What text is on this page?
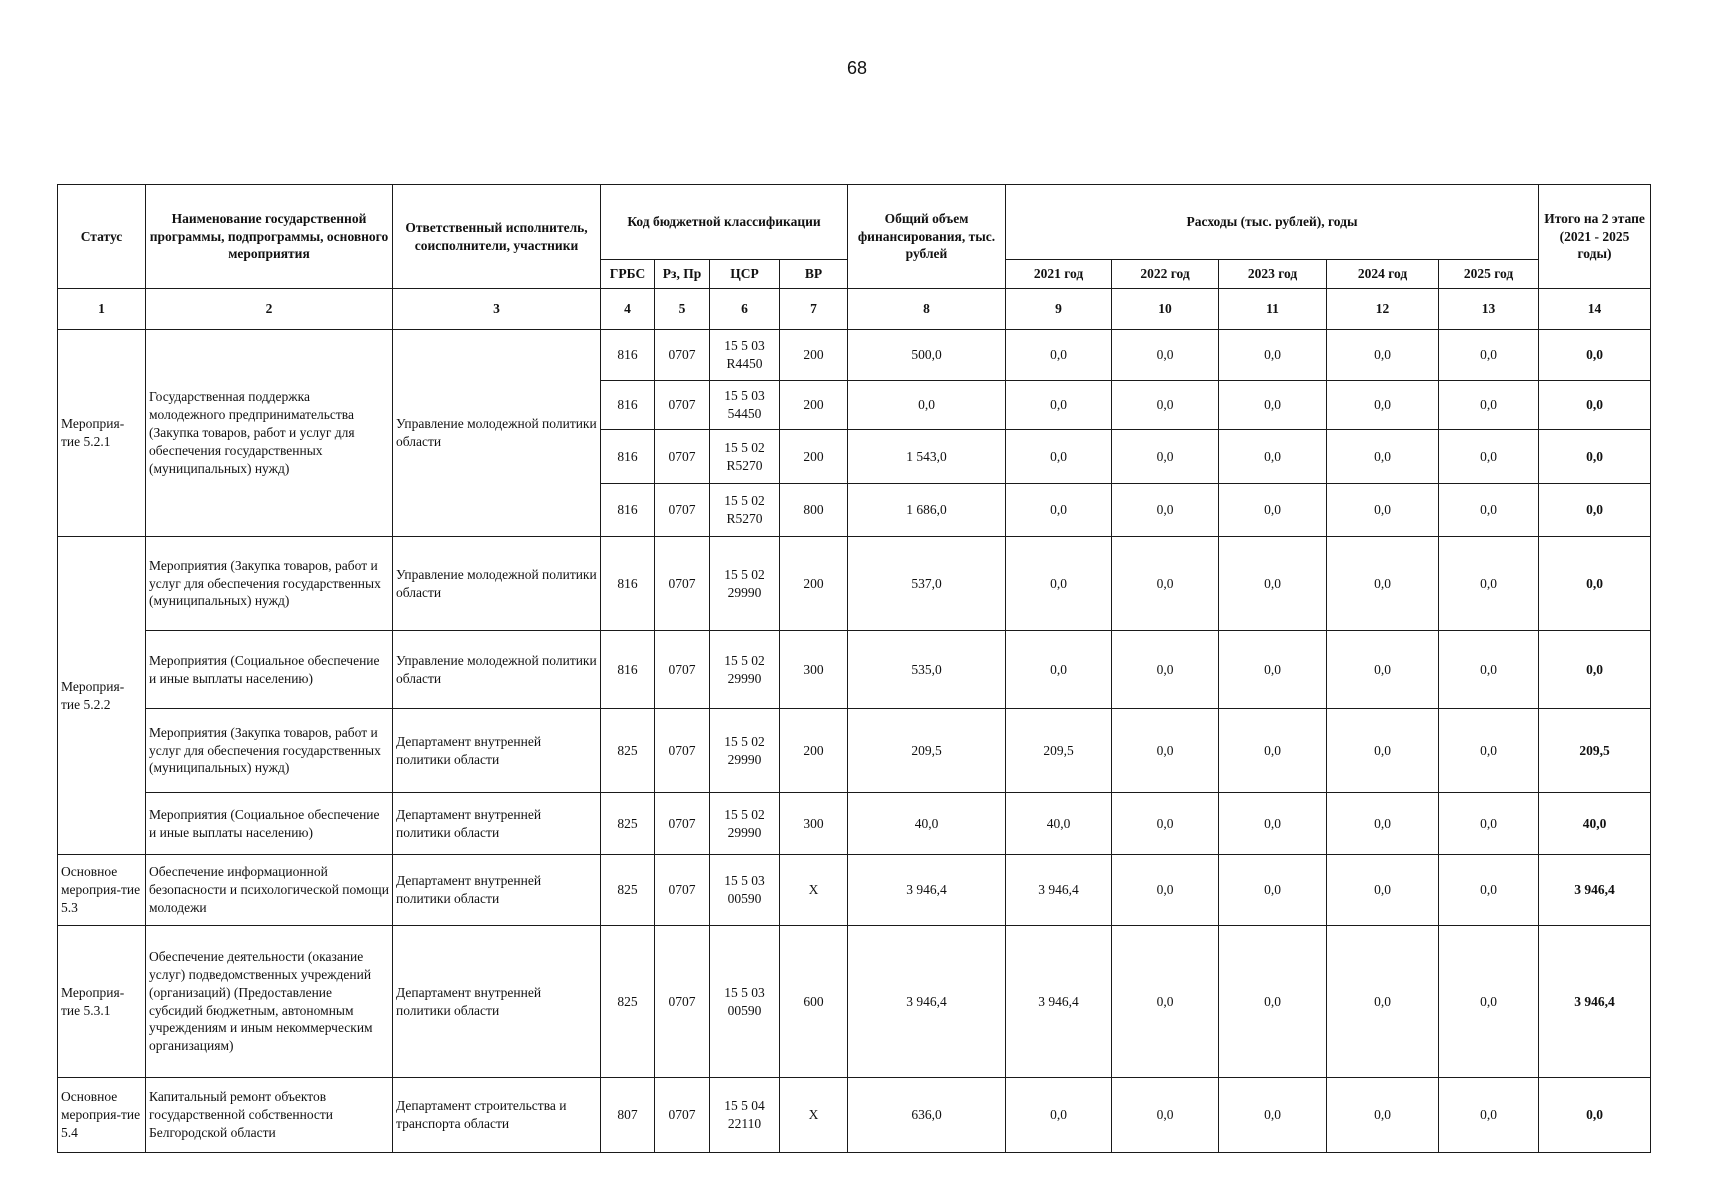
68
Статус	Наименование государственной программы, подпрограммы, основного мероприятия	Ответственный исполнитель, соисполнители, участники	Код бюджетной классификации				Общий объем финансирования, тыс. рублей	Расходы (тыс. рублей), годы					Итого на 2 этапе (2021 - 2025 годы)
			ГРБС	Рз, Пр	ЦСР	ВР		2021 год	2022 год	2023 год	2024 год	2025 год	
1	2	3	4	5	6	7	8	9	10	11	12	13	14
Мероприя-тие 5.2.1	Государственная поддержка молодежного предпринимательства (Закупка товаров, работ и услуг для обеспечения государственных (муниципальных) нужд)	Управление молодежной политики области	816	0707	15 5 03 R4450	200	500,0	0,0	0,0	0,0	0,0	0,0	0,0
			816	0707	15 5 03 54450	200	0,0	0,0	0,0	0,0	0,0	0,0	0,0
			816	0707	15 5 02 R5270	200	1 543,0	0,0	0,0	0,0	0,0	0,0	0,0
			816	0707	15 5 02 R5270	800	1 686,0	0,0	0,0	0,0	0,0	0,0	0,0
Мероприя-тие 5.2.2	Мероприятия (Закупка товаров, работ и услуг для обеспечения государственных (муниципальных) нужд)	Управление молодежной политики области	816	0707	15 5 02 29990	200	537,0	0,0	0,0	0,0	0,0	0,0	0,0
	Мероприятия (Социальное обеспечение и иные выплаты населению)	Управление молодежной политики области	816	0707	15 5 02 29990	300	535,0	0,0	0,0	0,0	0,0	0,0	0,0
	Мероприятия (Закупка товаров, работ и услуг для обеспечения государственных (муниципальных) нужд)	Департамент внутренней политики области	825	0707	15 5 02 29990	200	209,5	209,5	0,0	0,0	0,0	0,0	209,5
	Мероприятия (Социальное обеспечение и иные выплаты населению)	Департамент внутренней политики области	825	0707	15 5 02 29990	300	40,0	40,0	0,0	0,0	0,0	0,0	40,0
Основное мероприя-тие 5.3	Обеспечение информационной безопасности и психологической помощи молодежи	Департамент внутренней политики области	825	0707	15 5 03 00590	Х	3 946,4	3 946,4	0,0	0,0	0,0	0,0	3 946,4
Мероприя-тие 5.3.1	Обеспечение деятельности (оказание услуг) подведомственных учреждений (организаций) (Предоставление субсидий бюджетным, автономным учреждениям и иным некоммерческим организациям)	Департамент внутренней политики области	825	0707	15 5 03 00590	600	3 946,4	3 946,4	0,0	0,0	0,0	0,0	3 946,4
Основное мероприя-тие 5.4	Капитальный ремонт объектов государственной собственности Белгородской области	Департамент строительства и транспорта области	807	0707	15 5 04 22110	Х	636,0	0,0	0,0	0,0	0,0	0,0	0,0
